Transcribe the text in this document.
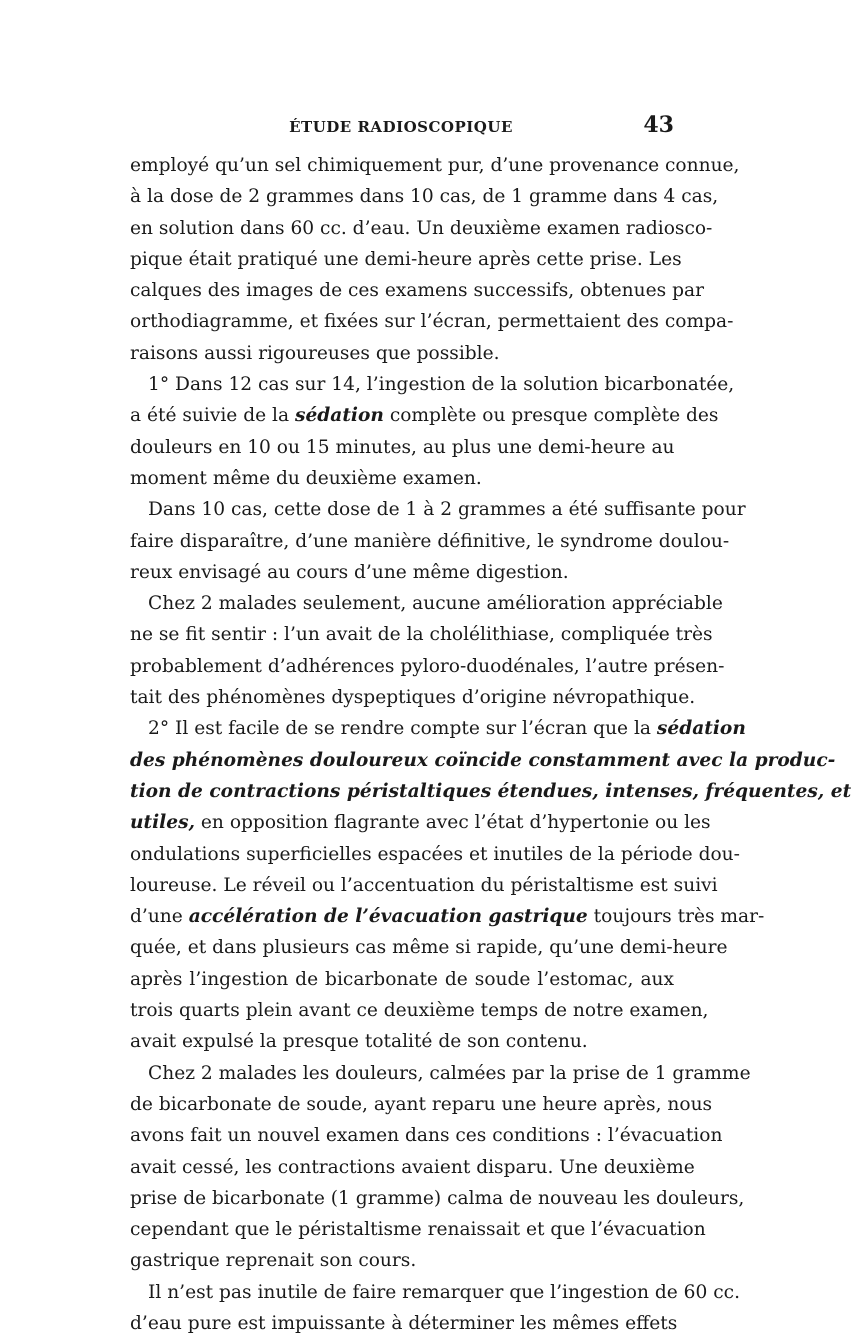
ÉTUDE RADIOSCOPIQUE	43
employé qu’un sel chimiquement pur, d’une provenance connue,
à la dose de 2 grammes dans 10 cas, de 1 gramme dans 4 cas,
en solution dans 60 cc. d’eau. Un deuxième examen radiosco-
pique était pratiqué une demi-heure après cette prise. Les
calques des images de ces examens successifs, obtenues par
orthodiagramme, et fixées sur l’écran, permettaient des compa-
raisons aussi rigoureuses que possible.
1° Dans 12 cas sur 14, l’ingestion de la solution bicarbonatée,
a été suivie de la sédation complète ou presque complète des
douleurs en 10 ou 15 minutes, au plus une demi-heure au
moment même du deuxième examen.
Dans 10 cas, cette dose de 1 à 2 grammes a été suffisante pour
faire disparaître, d’une manière définitive, le syndrome doulou-
reux envisagé au cours d’une même digestion.
Chez 2 malades seulement, aucune amélioration appréciable
ne se fit sentir : l’un avait de la cholélithiase, compliquée très
probablement d’adhérences pyloro-duodénales, l’autre présen-
tait des phénomènes dyspeptiques d’origine névropathique.
2° Il est facile de se rendre compte sur l’écran que la sédation
des phénomènes douloureux coïncide constamment avec la produc-
tion de contractions péristaltiques étendues, intenses, fréquentes, et
utiles, en opposition flagrante avec l’état d’hypertonie ou les
ondulations superficielles espacées et inutiles de la période dou-
loureuse. Le réveil ou l’accentuation du péristaltisme est suivi
d’une accélération de l’évacuation gastrique toujours très mar-
quée, et dans plusieurs cas même si rapide, qu’une demi-heure
après l’ingestion de bicarbonate de soude l’estomac, aux
trois quarts plein avant ce deuxième temps de notre examen,
avait expulsé la presque totalité de son contenu.
Chez 2 malades les douleurs, calmées par la prise de 1 gramme
de bicarbonate de soude, ayant reparu une heure après, nous
avons fait un nouvel examen dans ces conditions : l’évacuation
avait cessé, les contractions avaient disparu. Une deuxième
prise de bicarbonate (1 gramme) calma de nouveau les douleurs,
cependant que le péristaltisme renaissait et que l’évacuation
gastrique reprenait son cours.
Il n’est pas inutile de faire remarquer que l’ingestion de 60 cc.
d’eau pure est impuissante à déterminer les mêmes effets
